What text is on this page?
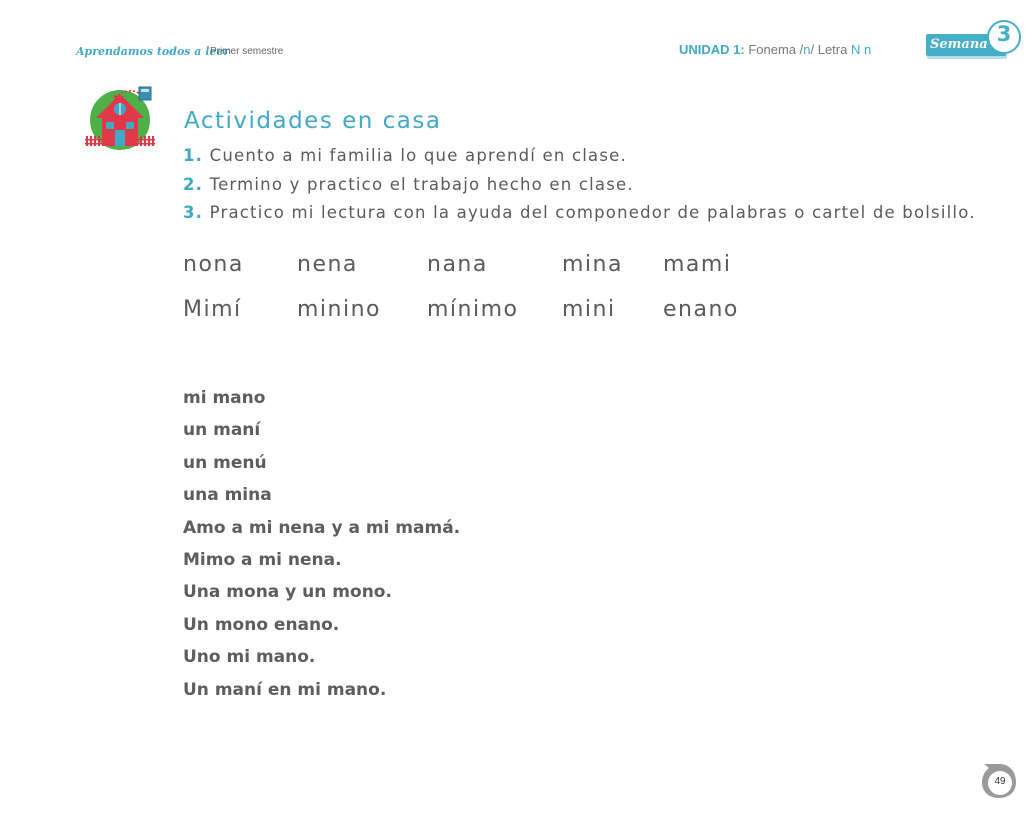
Aprendamos todos a leer
Primer semestre	UNIDAD 1: Fonema /n/ Letra N n	Semana 3
Actividades en casa
1. Cuento a mi familia lo que aprendí en clase.
2. Termino y practico el trabajo hecho en clase.
3. Practico mi lectura con la ayuda del componedor de palabras o cartel de bolsillo.
nona nena	nana	mina mami
Mimí	minino mínimo mini enano
mi mano
un maní
un menú
una mina
Amo a mi nena y a mi mamá.
Mimo a mi nena.
Una mona y un mono.
Un mono enano.
Uno mi mano.
Un maní en mi mano.
49
